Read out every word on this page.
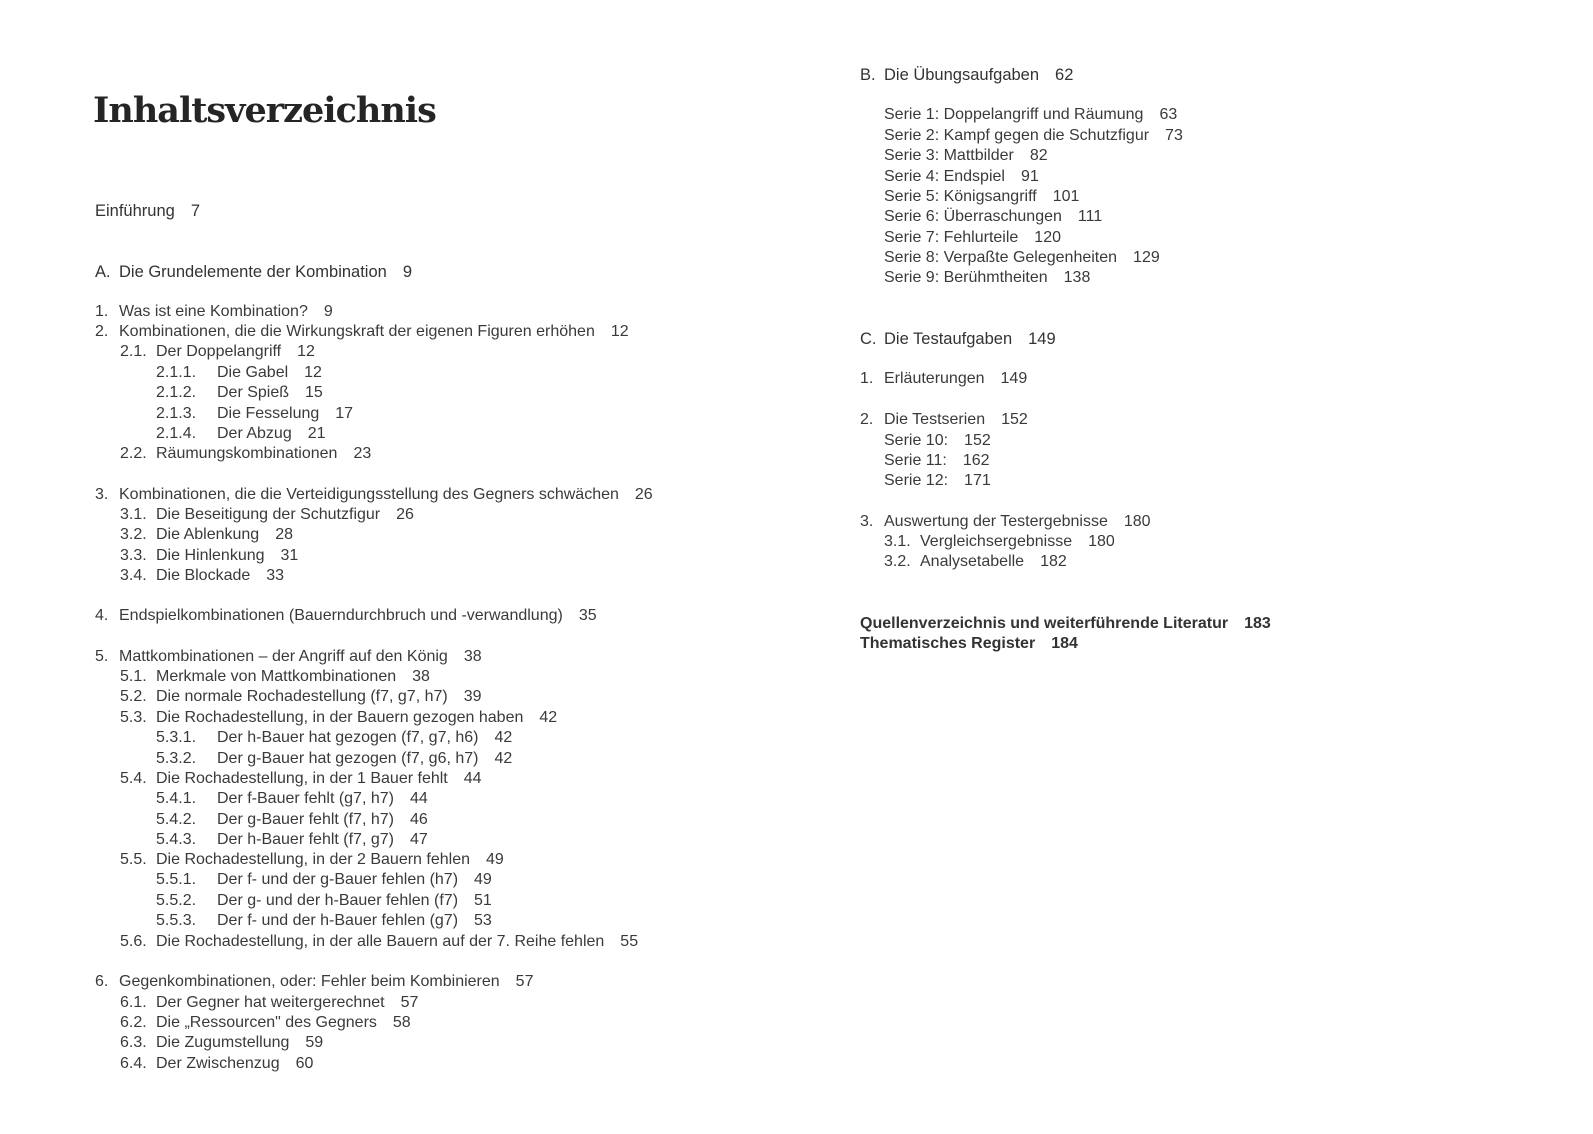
Inhaltsverzeichnis
Einführung 7
A. Die Grundelemente der Kombination 9
1. Was ist eine Kombination? 9
2. Kombinationen, die die Wirkungskraft der eigenen Figuren erhöhen 12
2.1. Der Doppelangriff 12
2.1.1. Die Gabel 12
2.1.2. Der Spieß 15
2.1.3. Die Fesselung 17
2.1.4. Der Abzug 21
2.2. Räumungskombinationen 23
3. Kombinationen, die die Verteidigungsstellung des Gegners schwächen 26
3.1. Die Beseitigung der Schutzfigur 26
3.2. Die Ablenkung 28
3.3. Die Hinlenkung 31
3.4. Die Blockade 33
4. Endspielkombinationen (Bauerndurchbruch und -verwandlung) 35
5. Mattkombinationen – der Angriff auf den König 38
5.1. Merkmale von Mattkombinationen 38
5.2. Die normale Rochadestellung (f7, g7, h7) 39
5.3. Die Rochadestellung, in der Bauern gezogen haben 42
5.3.1. Der h-Bauer hat gezogen (f7, g7, h6) 42
5.3.2. Der g-Bauer hat gezogen (f7, g6, h7) 42
5.4. Die Rochadestellung, in der 1 Bauer fehlt 44
5.4.1. Der f-Bauer fehlt (g7, h7) 44
5.4.2. Der g-Bauer fehlt (f7, h7) 46
5.4.3. Der h-Bauer fehlt (f7, g7) 47
5.5. Die Rochadestellung, in der 2 Bauern fehlen 49
5.5.1. Der f- und der g-Bauer fehlen (h7) 49
5.5.2. Der g- und der h-Bauer fehlen (f7) 51
5.5.3. Der f- und der h-Bauer fehlen (g7) 53
5.6. Die Rochadestellung, in der alle Bauern auf der 7. Reihe fehlen 55
6. Gegenkombinationen, oder: Fehler beim Kombinieren 57
6.1. Der Gegner hat weitergerechnet 57
6.2. Die „Ressourcen" des Gegners 58
6.3. Die Zugumstellung 59
6.4. Der Zwischenzug 60
B. Die Übungsaufgaben 62
Serie 1: Doppelangriff und Räumung 63
Serie 2: Kampf gegen die Schutzfigur 73
Serie 3: Mattbilder 82
Serie 4: Endspiel 91
Serie 5: Königsangriff 101
Serie 6: Überraschungen 111
Serie 7: Fehlurteile 120
Serie 8: Verpaßte Gelegenheiten 129
Serie 9: Berühmtheiten 138
C. Die Testaufgaben 149
1. Erläuterungen 149
2. Die Testserien 152
Serie 10: 152
Serie 11: 162
Serie 12: 171
3. Auswertung der Testergebnisse 180
3.1. Vergleichsergebnisse 180
3.2. Analysetabelle 182
Quellenverzeichnis und weiterführende Literatur 183
Thematisches Register 184
